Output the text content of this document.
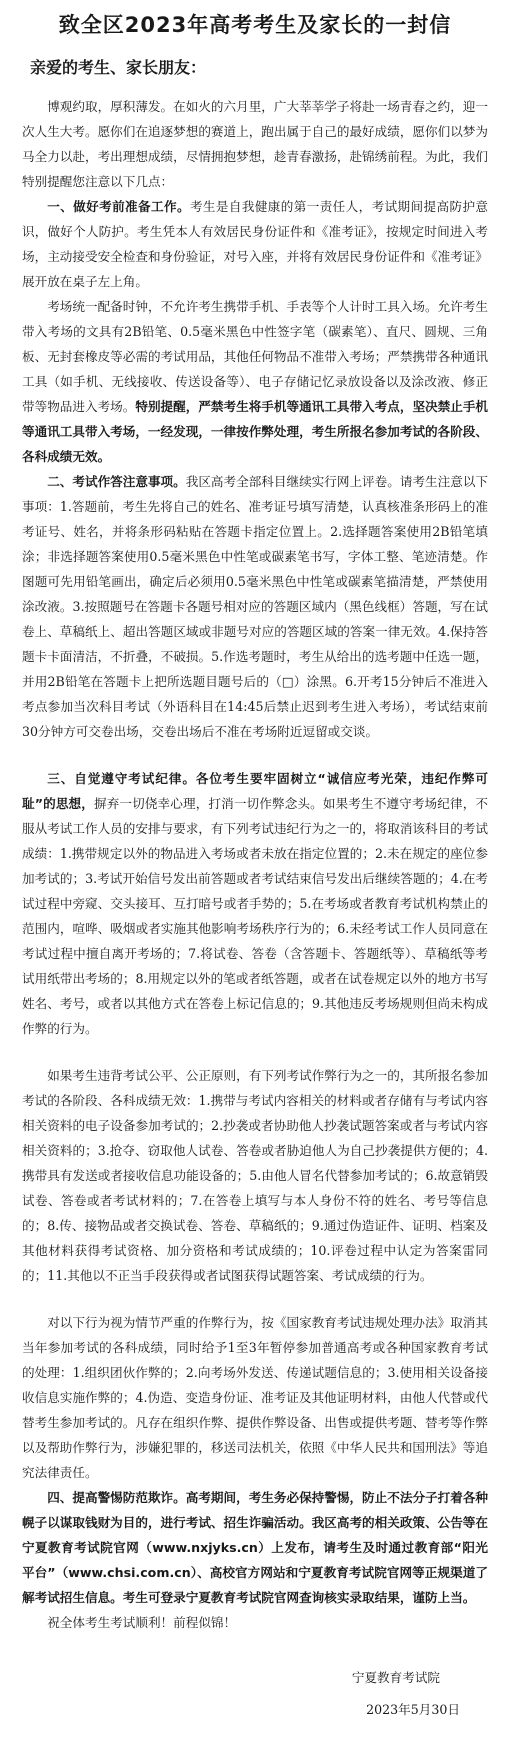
致全区2023年高考考生及家长的一封信
亲爱的考生、家长朋友：

博观约取，厚积薄发。在如火的六月里，广大莘莘学子将赴一场青春之约，迎一次人生大考。愿你们在追逐梦想的赛道上，跑出属于自己的最好成绩，愿你们以梦为马全力以赴，考出理想成绩，尽情拥抱梦想，趁青春激扬，赴锦绣前程。为此，我们特别提醒您注意以下几点：

一、做好考前准备工作。考生是自我健康的第一责任人，考试期间提高防护意识，做好个人防护。考生凭本人有效居民身份证件和《准考证》，按规定时间进入考场，主动接受安全检查和身份验证，对号入座，并将有效居民身份证件和《准考证》展开放在桌子左上角。

考场统一配备时钟，不允许考生携带手机、手表等个人计时工具入场。允许考生带入考场的文具有2B铅笔、0.5毫米黑色中性签字笔（碳素笔）、直尺、圆规、三角板、无封套橡皮等必需的考试用品，其他任何物品不准带入考场；严禁携带各种通讯工具（如手机、无线接收、传送设备等）、电子存储记忆录放设备以及涂改液、修正带等物品进入考场。特别提醒，严禁考生将手机等通讯工具带入考点，坚决禁止手机等通讯工具带入考场，一经发现，一律按作弊处理，考生所报名参加考试的各阶段、各科成绩无效。

二、考试作答注意事项。我区高考全部科目继续实行网上评卷。请考生注意以下事项：1.答题前，考生先将自己的姓名、准考证号填写清楚，认真核准条形码上的准考证号、姓名，并将条形码粘贴在答题卡指定位置上。2.选择题答案使用2B铅笔填涂；非选择题答案使用0.5毫米黑色中性笔或碳素笔书写，字体工整、笔迹清楚。作图题可先用铅笔画出，确定后必须用0.5毫米黑色中性笔或碳素笔描清楚，严禁使用涂改液。3.按照题号在答题卡各题号相对应的答题区域内（黑色线框）答题，写在试卷上、草稿纸上、超出答题区域或非题号对应的答题区域的答案一律无效。4.保持答题卡卡面清洁，不折叠，不破损。5.作选考题时，考生从给出的选考题中任选一题，并用2B铅笔在答题卡上把所选题目题号后的（□）涂黑。6.开考15分钟后不准进入考点参加当次科目考试（外语科目在14:45后禁止迟到考生进入考场），考试结束前30分钟方可交卷出场，交卷出场后不准在考场附近逗留或交谈。

三、自觉遵守考试纪律。各位考生要牢固树立“诚信应考光荣，违纪作弊可耻”的思想，摒弃一切侥幸心理，打消一切作弊念头。如果考生不遵守考场纪律，不服从考试工作人员的安排与要求，有下列考试违纪行为之一的，将取消该科目的考试成绩：1.携带规定以外的物品进入考场或者未放在指定位置的；2.未在规定的座位参加考试的；3.考试开始信号发出前答题或者考试结束信号发出后继续答题的；4.在考试过程中旁窥、交头接耳、互打暗号或者手势的；5.在考场或者教育考试机构禁止的范围内，喧哗、吸烟或者实施其他影响考场秩序行为的；6.未经考试工作人员同意在考试过程中擅自离开考场的；7.将试卷、答卷（含答题卡、答题纸等）、草稿纸等考试用纸带出考场的；8.用规定以外的笔或者纸答题，或者在试卷规定以外的地方书写姓名、考号，或者以其他方式在答卷上标记信息的；9.其他违反考场规则但尚未构成作弊的行为。

如果考生违背考试公平、公正原则，有下列考试作弊行为之一的，其所报名参加考试的各阶段、各科成绩无效：1.携带与考试内容相关的材料或者存储有与考试内容相关资料的电子设备参加考试的；2.抄袭或者协助他人抄袭试题答案或者与考试内容相关资料的；3.抢夺、窃取他人试卷、答卷或者胁迫他人为自己抄袭提供方便的；4.携带具有发送或者接收信息功能设备的；5.由他人冒名代替参加考试的；6.故意销毁试卷、答卷或者考试材料的；7.在答卷上填写与本人身份不符的姓名、考号等信息的；8.传、接物品或者交换试卷、答卷、草稿纸的；9.通过伪造证件、证明、档案及其他材料获得考试资格、加分资格和考试成绩的；10.评卷过程中认定为答案雷同的；11.其他以不正当手段获得或者试图获得试题答案、考试成绩的行为。

对以下行为视为情节严重的作弊行为，按《国家教育考试违规处理办法》取消其当年参加考试的各科成绩，同时给予1至3年暂停参加普通高考或各种国家教育考试的处理：1.组织团伙作弊的；2.向考场外发送、传递试题信息的；3.使用相关设备接收信息实施作弊的；4.伪造、变造身份证、准考证及其他证明材料，由他人代替或代替考生参加考试的。凡存在组织作弊、提供作弊设备、出售或提供考题、替考等作弊以及帮助作弊行为，涉嫌犯罪的，移送司法机关，依照《中华人民共和国刑法》等追究法律责任。

四、提高警惕防范欺诈。高考期间，考生务必保持警惕，防止不法分子打着各种幌子以谋取钱财为目的，进行考试、招生诈骗活动。我区高考的相关政策、公告等在宁夏教育考试院官网（www.nxjyks.cn）上发布，请考生及时通过教育部“阳光平台”（www.chsi.com.cn）、高校官方网站和宁夏教育考试院官网等正规渠道了解考试招生信息。考生可登录宁夏教育考试院官网查询核实录取结果，谨防上当。

祝全体考生考试顺利！前程似锦！

宁夏教育考试院
2023年5月30日
